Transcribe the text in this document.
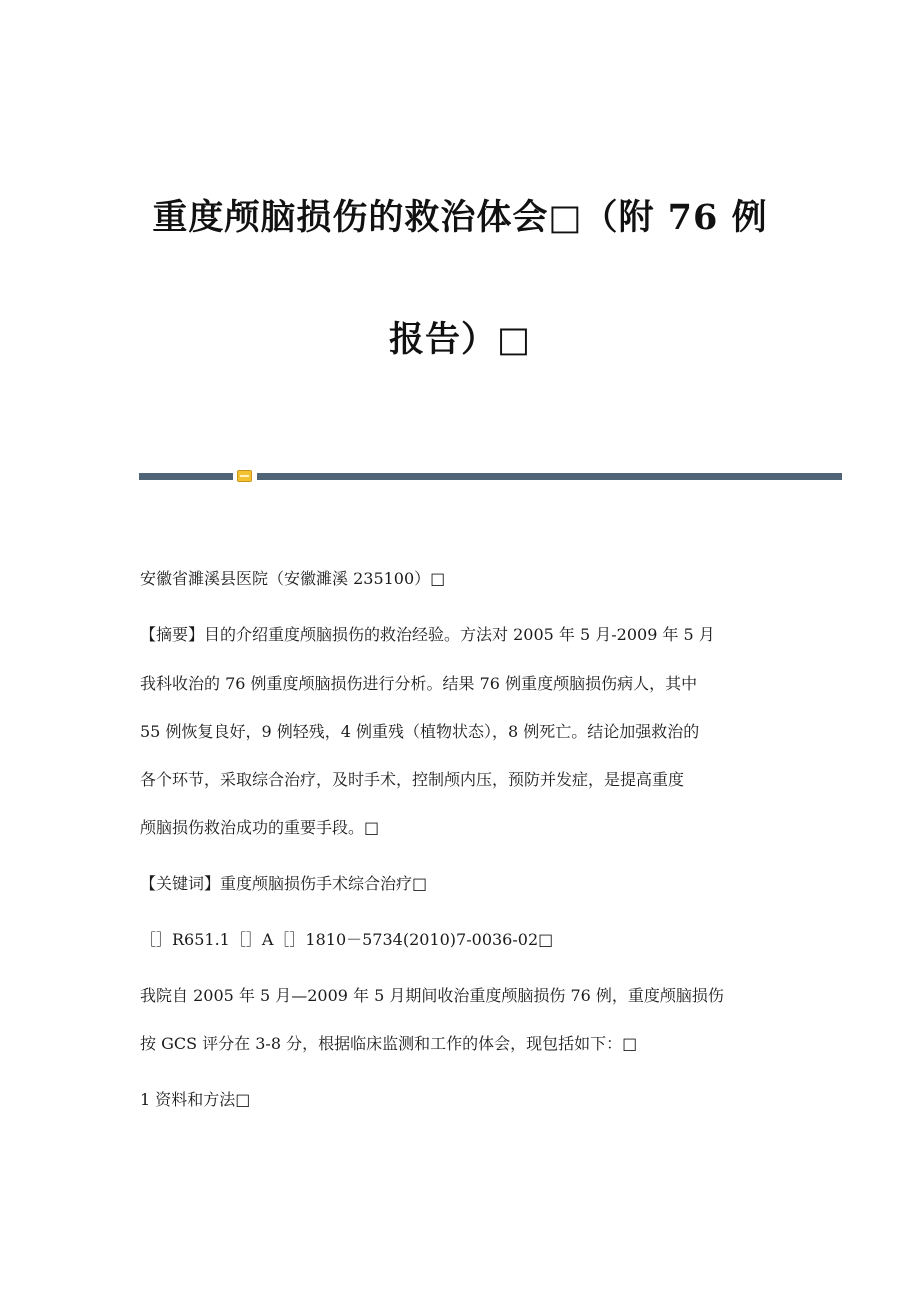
重度颅脑损伤的救治体会□（附 76 例
报告）□
安徽省濉溪县医院（安徽濉溪 235100）□
【摘要】目的介绍重度颅脑损伤的救治经验。方法对 2005 年 5 月-2009 年 5 月
我科收治的 76 例重度颅脑损伤进行分析。结果 76 例重度颅脑损伤病人，其中
55 例恢复良好，9 例轻残，4 例重残（植物状态），8 例死亡。结论加强救治的
各个环节，采取综合治疗，及时手术，控制颅内压，预防并发症，是提高重度
颅脑损伤救治成功的重要手段。□
【关键词】重度颅脑损伤手术综合治疗□
［］R651.1［］A［］1810－5734(2010)7-0036-02□
我院自 2005 年 5 月—2009 年 5 月期间收治重度颅脑损伤 76 例，重度颅脑损伤
按 GCS 评分在 3-8 分，根据临床监测和工作的体会，现包括如下：□
1 资料和方法□
